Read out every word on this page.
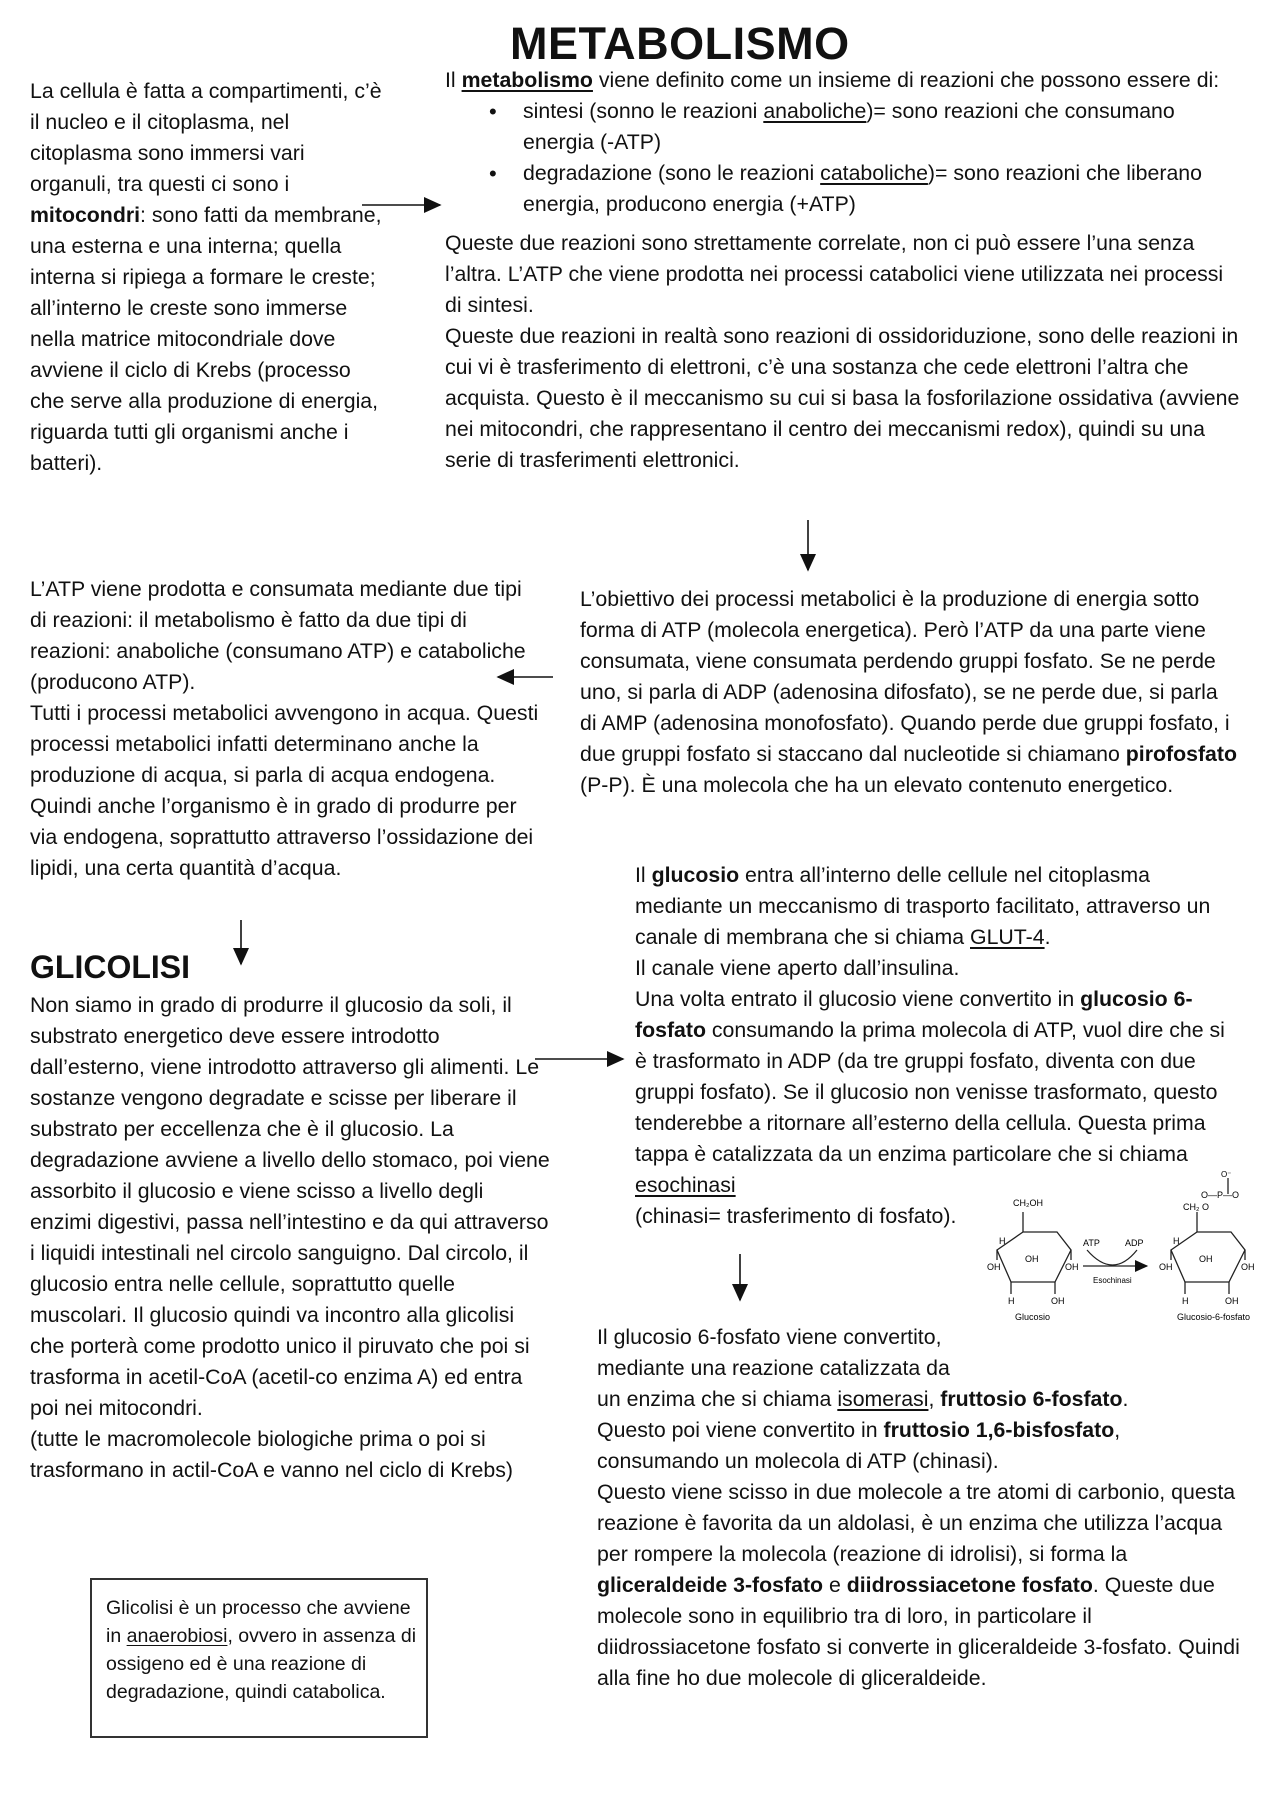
METABOLISMO

La cellula è fatta a compartimenti, c’è il nucleo e il citoplasma, nel citoplasma sono immersi vari organuli, tra questi ci sono i mitocondri: sono fatti da membrane, una esterna e una interna; quella interna si ripiega a formare le creste; all’interno le creste sono immerse nella matrice mitocondriale dove avviene il ciclo di Krebs (processo che serve alla produzione di energia, riguarda tutti gli organismi anche i batteri).

Il metabolismo viene definito come un insieme di reazioni che possono essere di:

• sintesi (sonno le reazioni anaboliche)= sono reazioni che consumano energia (-ATP)
• degradazione (sono le reazioni cataboliche)= sono reazioni che liberano energia, producono energia (+ATP)

Queste due reazioni sono strettamente correlate, non ci può essere l’una senza l’altra. L’ATP che viene prodotta nei processi catabolici viene utilizzata nei processi di sintesi.

Queste due reazioni in realtà sono reazioni di ossidoriduzione, sono delle reazioni in cui vi è trasferimento di elettroni, c’è una sostanza che cede elettroni l’altra che acquista. Questo è il meccanismo su cui si basa la fosforilazione ossidativa (avviene nei mitocondri, che rappresentano il centro dei meccanismi redox), quindi su una serie di trasferimenti elettronici.

L’obiettivo dei processi metabolici è la produzione di energia sotto forma di ATP (molecola energetica). Però l’ATP da una parte viene consumata, viene consumata perdendo gruppi fosfato. Se ne perde uno, si parla di ADP (adenosina difosfato), se ne perde due, si parla di AMP (adenosina monofosfato). Quando perde due gruppi fosfato, i due gruppi fosfato si staccano dal nucleotide si chiamano pirofosfato (P-P). È una molecola che ha un elevato contenuto energetico.

L’ATP viene prodotta e consumata mediante due tipi di reazioni: il metabolismo è fatto da due tipi di reazioni: anaboliche (consumano ATP) e cataboliche (producono ATP).

Tutti i processi metabolici avvengono in acqua. Questi processi metabolici infatti determinano anche la produzione di acqua, si parla di acqua endogena. Quindi anche l’organismo è in grado di produrre per via endogena, soprattutto attraverso l’ossidazione dei lipidi, una certa quantità d’acqua.

GLICOLISI

Non siamo in grado di produrre il glucosio da soli, il substrato energetico deve essere introdotto dall’esterno, viene introdotto attraverso gli alimenti. Le sostanze vengono degradate e scisse per liberare il substrato per eccellenza che è il glucosio. La degradazione avviene a livello dello stomaco, poi viene assorbito il glucosio e viene scisso a livello degli enzimi digestivi, passa nell’intestino e da qui attraverso i liquidi intestinali nel circolo sanguigno. Dal circolo, il glucosio entra nelle cellule, soprattutto quelle muscolari. Il glucosio quindi va incontro alla glicolisi che porterà come prodotto unico il piruvato che poi si trasforma in acetil-CoA (acetil-co enzima A) ed entra poi nei mitocondri.

(tutte le macromolecole biologiche prima o poi si trasformano in actil-CoA e vanno nel ciclo di Krebs)

Il glucosio entra all’interno delle cellule nel citoplasma mediante un meccanismo di trasporto facilitato, attraverso un canale di membrana che si chiama GLUT-4.

Il canale viene aperto dall’insulina.

Una volta entrato il glucosio viene convertito in glucosio 6-fosfato consumando la prima molecola di ATP, vuol dire che si è trasformato in ADP (da tre gruppi fosfato, diventa con due gruppi fosfato). Se il glucosio non venisse trasformato, questo tenderebbe a ritornare all’esterno della cellula. Questa prima tappa è catalizzata da un enzima particolare che si chiama esochinasi

(chinasi= trasferimento di fosfato).

Il glucosio 6-fosfato viene convertito,

mediante una reazione catalizzata da

un enzima che si chiama isomerasi, fruttosio 6-fosfato.

Questo poi viene convertito in fruttosio 1,6-bisfosfato, consumando un molecola di ATP (chinasi).

Questo viene scisso in due molecole a tre atomi di carbonio, questa reazione è favorita da un aldolasi, è un enzima che utilizza l’acqua per rompere la molecola (reazione di idrolisi), si forma la gliceraldeide 3-fosfato e diidrossiacetone fosfato. Queste due molecole sono in equilibrio tra di loro, in particolare il diidrossiacetone fosfato si converte in gliceraldeide 3-fosfato. Quindi alla fine ho due molecole di gliceraldeide.

Glicolisi è un processo che avviene in anaerobiosi, ovvero in assenza di ossigeno ed è una reazione di degradazione, quindi catabolica.

CH₂OH
H
OH	OH
OH
H	OH
Glucosio
ATP	ADP
Esochinasi
O⁻
O—P—O
CH₂ O
H
OH	OH
OH
H	OH
Glucosio-6-fosfato
